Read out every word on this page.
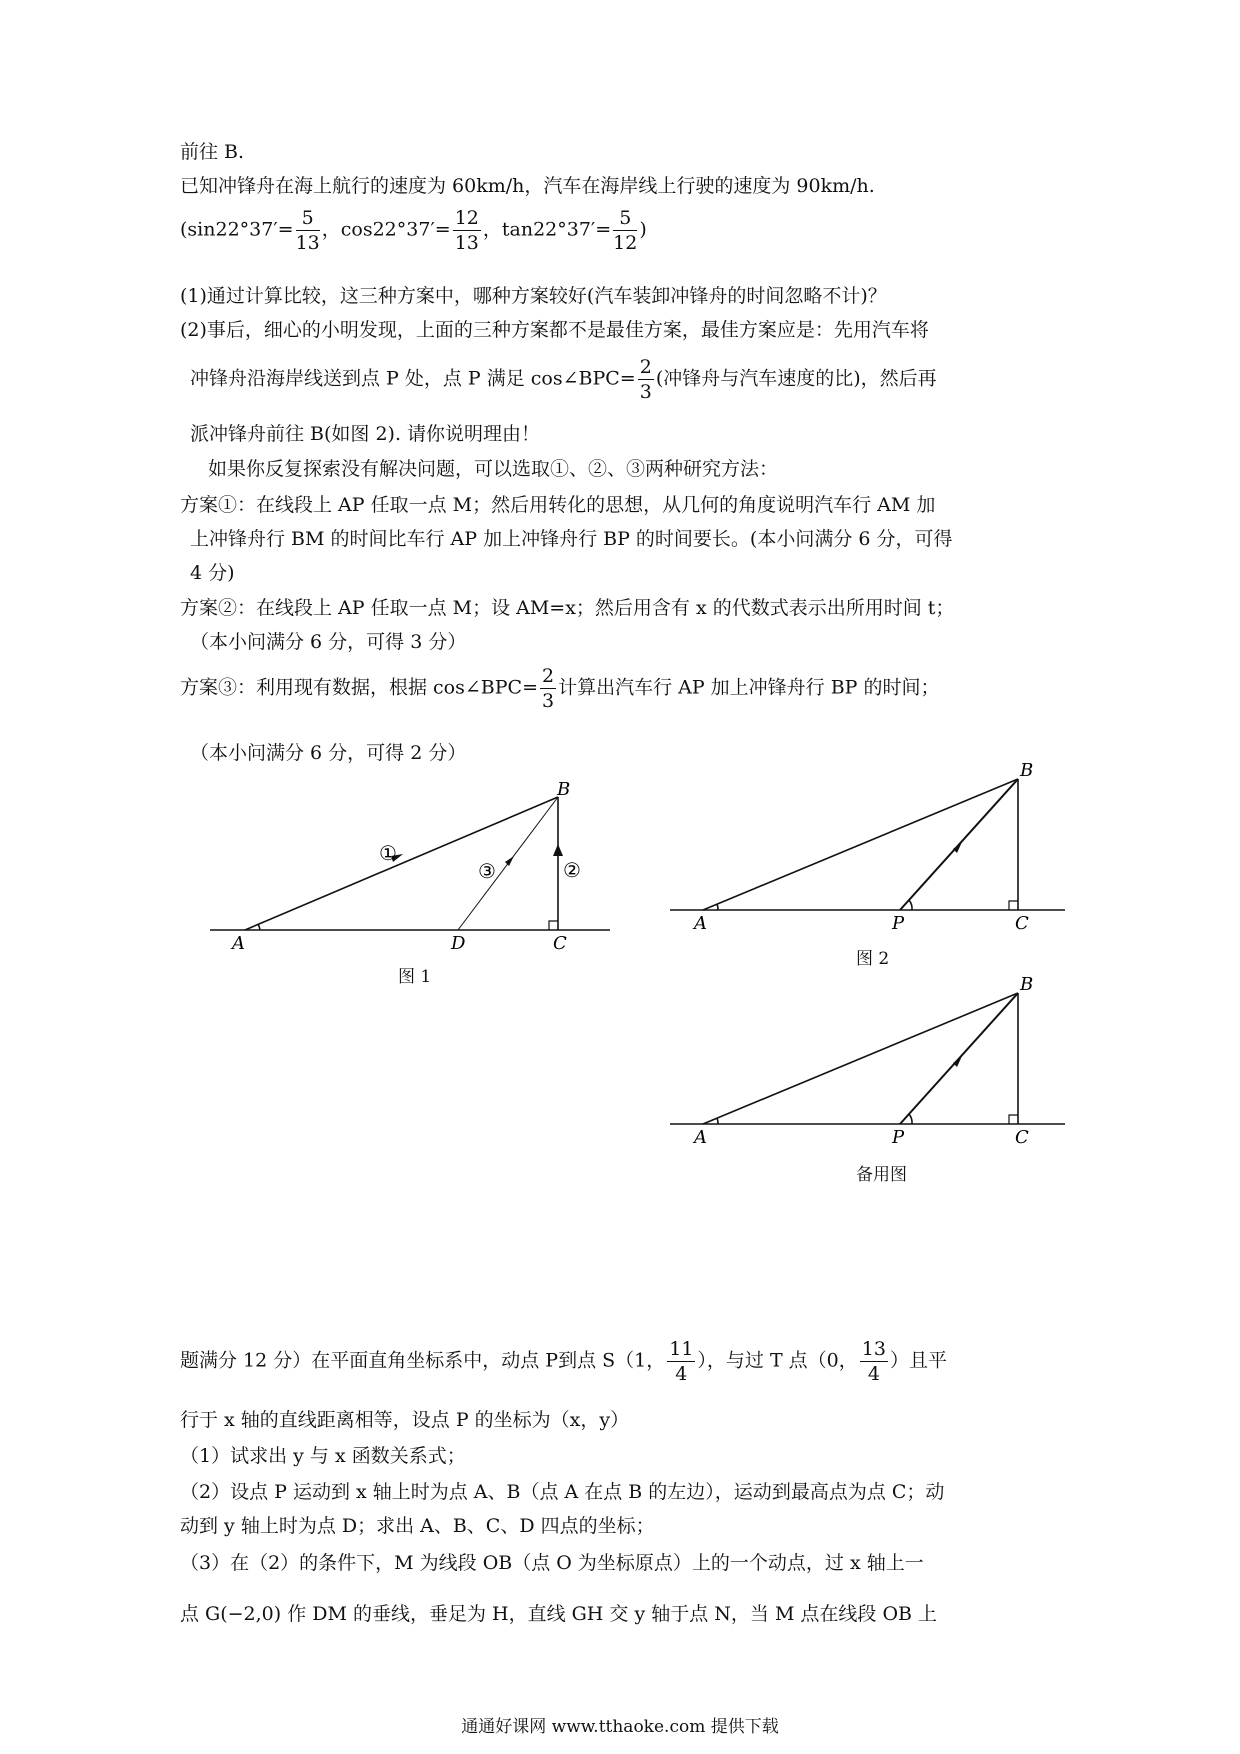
前往 B.
已知冲锋舟在海上航行的速度为 60km/h，汽车在海岸线上行驶的速度为 90km/h.
($\sin 22^\circ 37'= \frac{5}{13}$ ，$\cos 22^\circ 37'= \frac{12}{13}$ ，$\tan 22^\circ 37'= \frac{5}{12}$ )
(1)通过计算比较，这三种方案中，哪种方案较好(汽车装卸冲锋舟的时间忽略不计)？
(2)事后，细心的小明发现，上面的三种方案都不是最佳方案，最佳方案应是：先用汽车将
冲锋舟沿海岸线送到点 P 处，点 P 满足 cos∠BPC= $\frac{2}{3}$ (冲锋舟与汽车速度的比)，然后再
派冲锋舟前往 B(如图 2). 请你说明理由！
如果你反复探索没有解决问题，可以选取①、②、③两种研究方法：
方案①：在线段上 AP 任取一点 M；然后用转化的思想，从几何的角度说明汽车行 AM 加
上冲锋舟行 BM 的时间比车行 AP 加上冲锋舟行 BP 的时间要长。(本小问满分 6 分，可得
4 分)
方案②：在线段上 AP 任取一点 M；设 AM=x；然后用含有 x 的代数式表示出所用时间 t；
（本小问满分 6 分，可得 3 分）
方案③：利用现有数据，根据 cos∠BPC= $\frac{2}{3}$ 计算出汽车行 AP 加上冲锋舟行 BP 的时间；
（本小问满分 6 分，可得 2 分）
①
③	②
A	D	C
B
图 1
A	P	C
B
图 2
A	P	C
B
备用图
题满分 12 分）在平面直角坐标系中，动点 P到点 S（1， $\frac{11}{4}$ ），与过 T 点（0， $\frac{13}{4}$ ）且平
行于 x 轴的直线距离相等，设点 P 的坐标为（x，y）
（1）试求出 y 与 x 函数关系式；
（2）设点 P 运动到 x 轴上时为点 A、B（点 A 在点 B 的左边），运动到最高点为点 C；动
动到 y 轴上时为点 D；求出 A、B、C、D 四点的坐标；
（3）在（2）的条件下，M 为线段 OB（点 O 为坐标原点）上的一个动点，过 x 轴上一
点 G(−2,0) 作 DM 的垂线，垂足为 H，直线 GH 交 y 轴于点 N，当 M 点在线段 OB 上
通通好课网 www.tthaoke.com 提供下载
